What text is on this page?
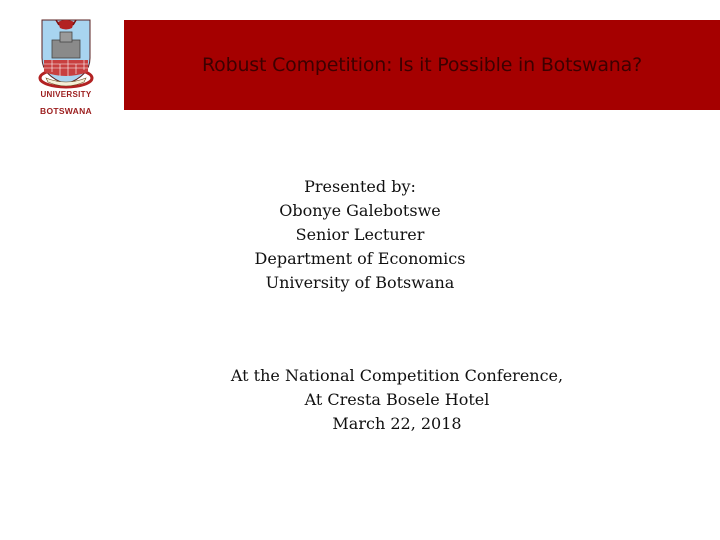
UNIVERSITY
BOTSWANA
Robust Competition: Is it Possible in Botswana?
Presented by:
Obonye Galebotswe
Senior Lecturer
Department of Economics
University of Botswana
At the National Competition Conference,
At Cresta Bosele Hotel
March 22, 2018
